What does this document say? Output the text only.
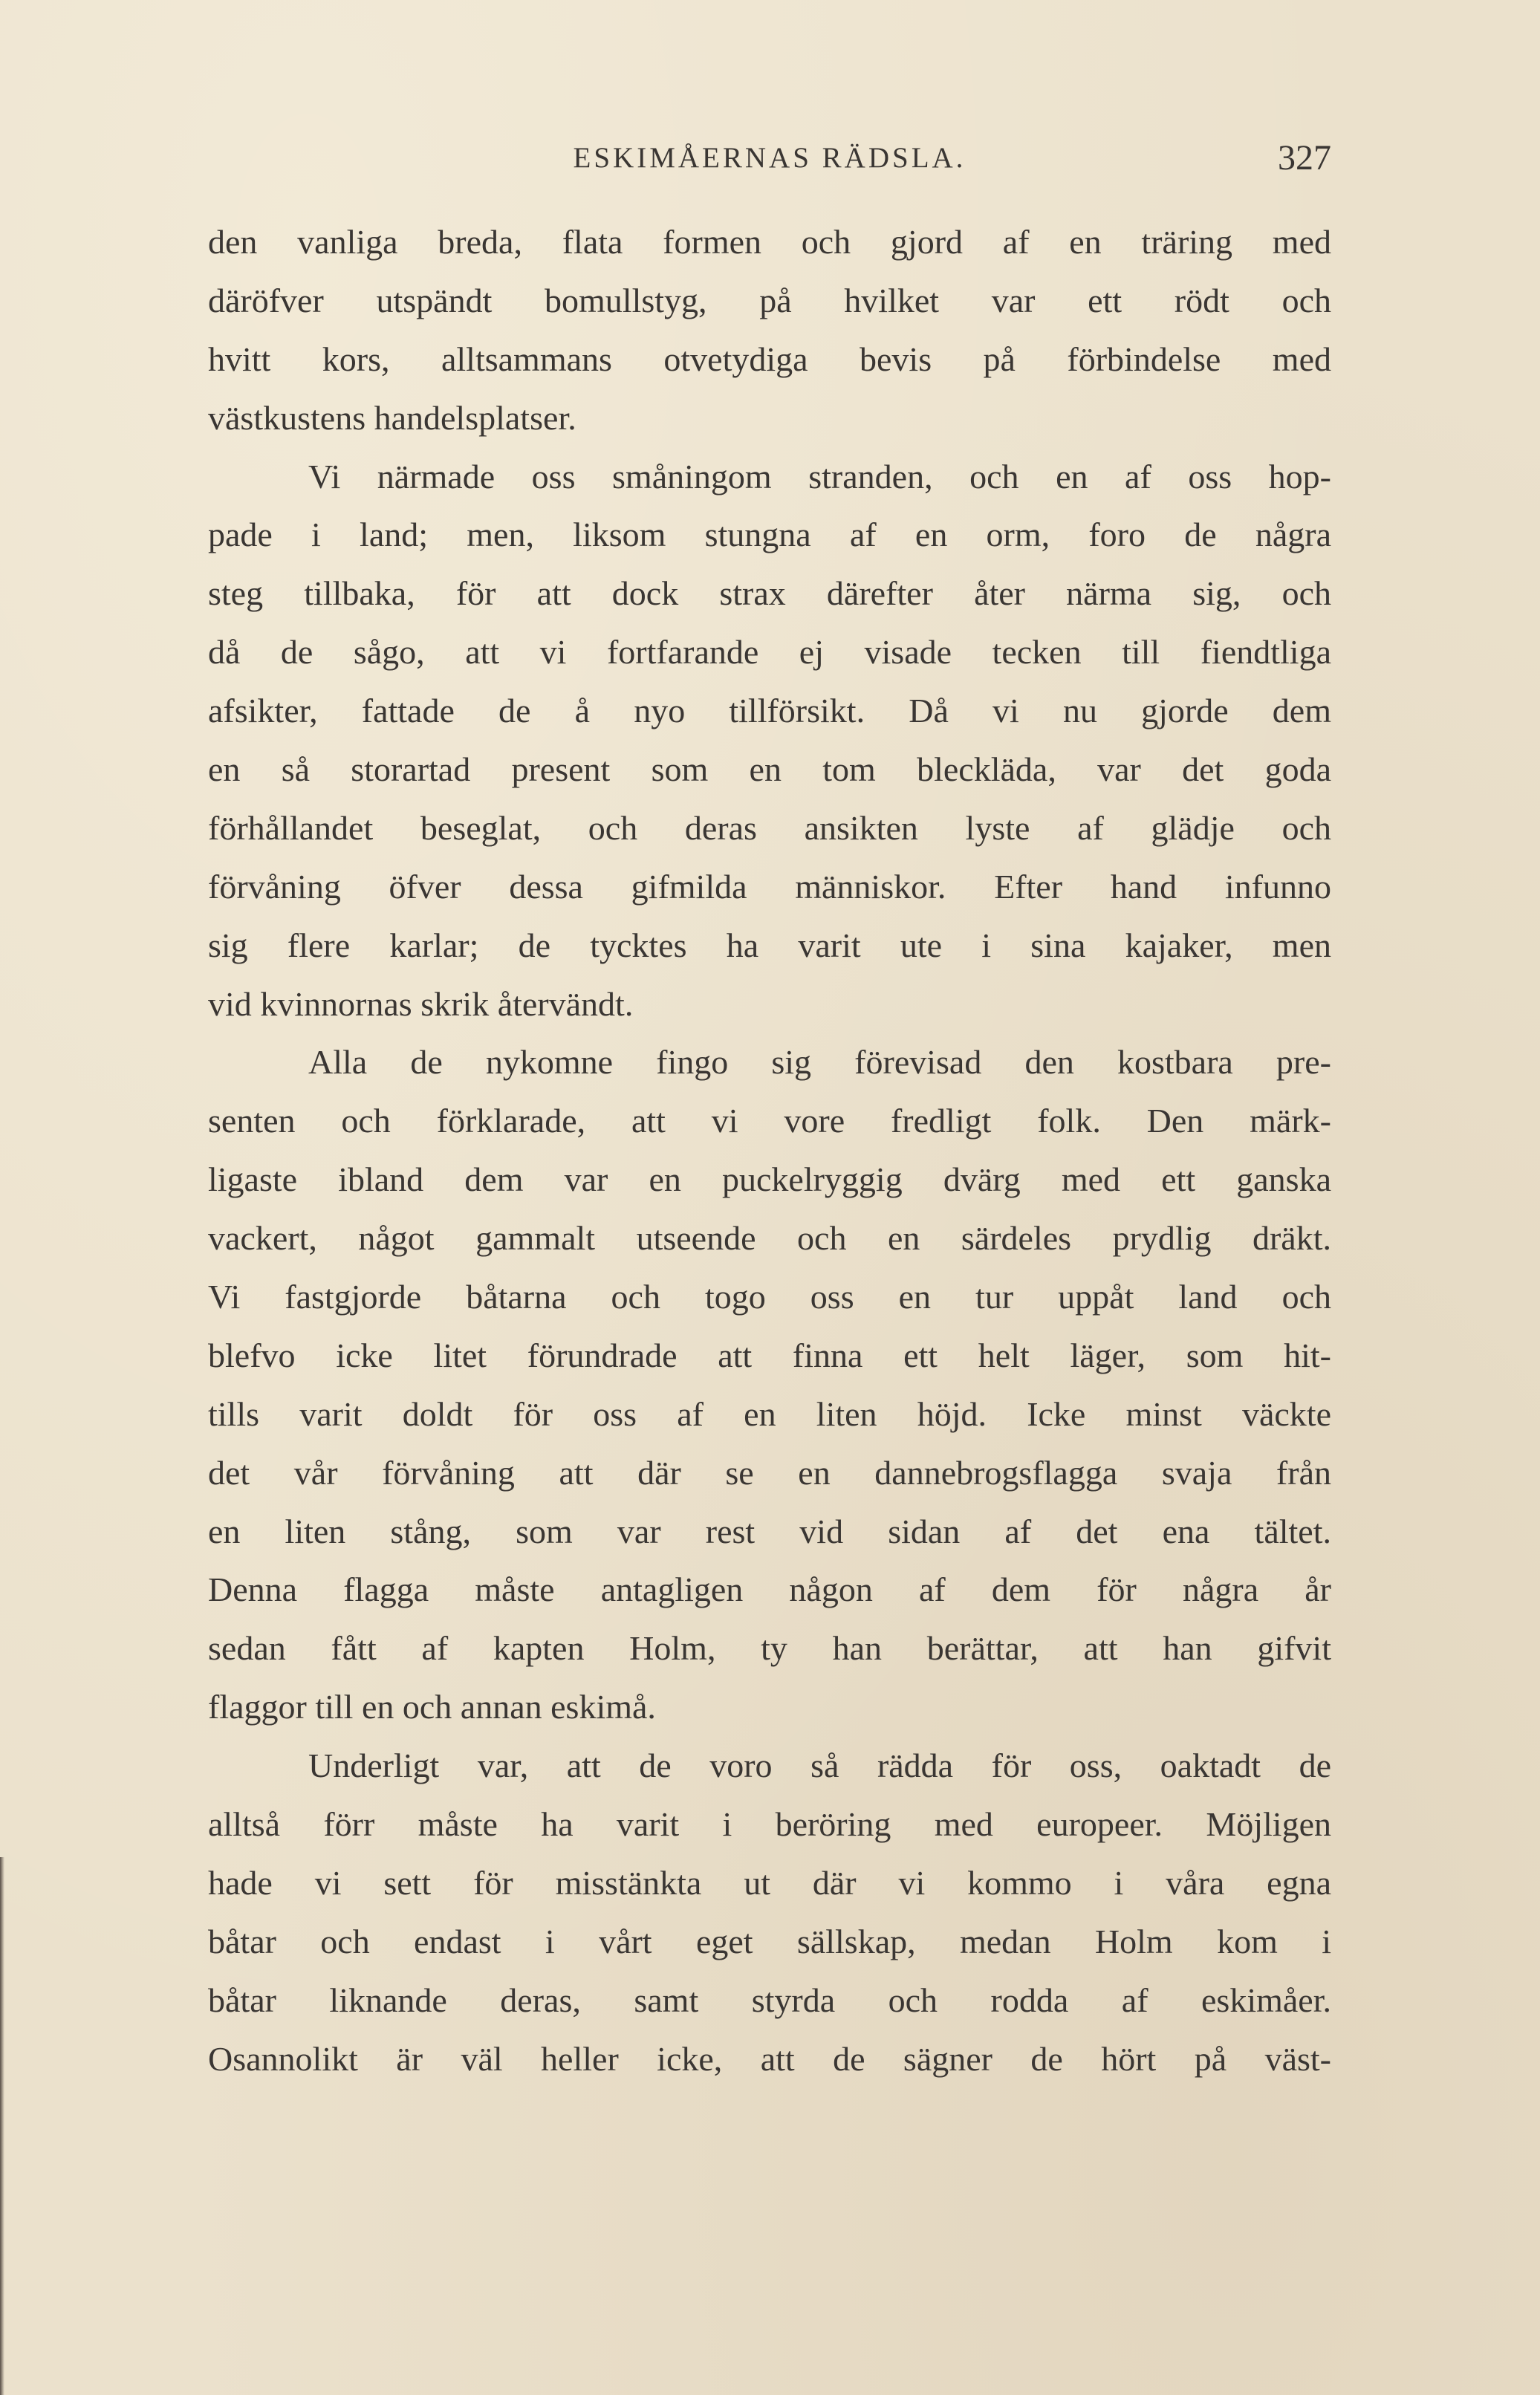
ESKIMÅERNAS RÄDSLA.	327
den vanliga breda, flata formen och gjord af en träring med
däröfver utspändt bomullstyg, på hvilket var ett rödt och
hvitt kors, alltsammans otvetydiga bevis på förbindelse med
västkustens handelsplatser.
Vi närmade oss småningom stranden, och en af oss hop-
pade i land; men, liksom stungna af en orm, foro de några
steg tillbaka, för att dock strax därefter åter närma sig, och
då de sågo, att vi fortfarande ej visade tecken till fiendtliga
afsikter, fattade de å nyo tillförsikt. Då vi nu gjorde dem
en så storartad present som en tom bleckläda, var det goda
förhållandet beseglat, och deras ansikten lyste af glädje och
förvåning öfver dessa gifmilda människor. Efter hand infunno
sig flere karlar; de tycktes ha varit ute i sina kajaker, men
vid kvinnornas skrik återvändt.
Alla de nykomne fingo sig förevisad den kostbara pre-
senten och förklarade, att vi vore fredligt folk. Den märk-
ligaste ibland dem var en puckelryggig dvärg med ett ganska
vackert, något gammalt utseende och en särdeles prydlig dräkt.
Vi fastgjorde båtarna och togo oss en tur uppåt land och
blefvo icke litet förundrade att finna ett helt läger, som hit-
tills varit doldt för oss af en liten höjd. Icke minst väckte
det vår förvåning att där se en dannebrogsflagga svaja från
en liten stång, som var rest vid sidan af det ena tältet.
Denna flagga måste antagligen någon af dem för några år
sedan fått af kapten Holm, ty han berättar, att han gifvit
flaggor till en och annan eskimå.
Underligt var, att de voro så rädda för oss, oaktadt de
alltså förr måste ha varit i beröring med europeer. Möjligen
hade vi sett för misstänkta ut där vi kommo i våra egna
båtar och endast i vårt eget sällskap, medan Holm kom i
båtar liknande deras, samt styrda och rodda af eskimåer.
Osannolikt är väl heller icke, att de sägner de hört på väst-
